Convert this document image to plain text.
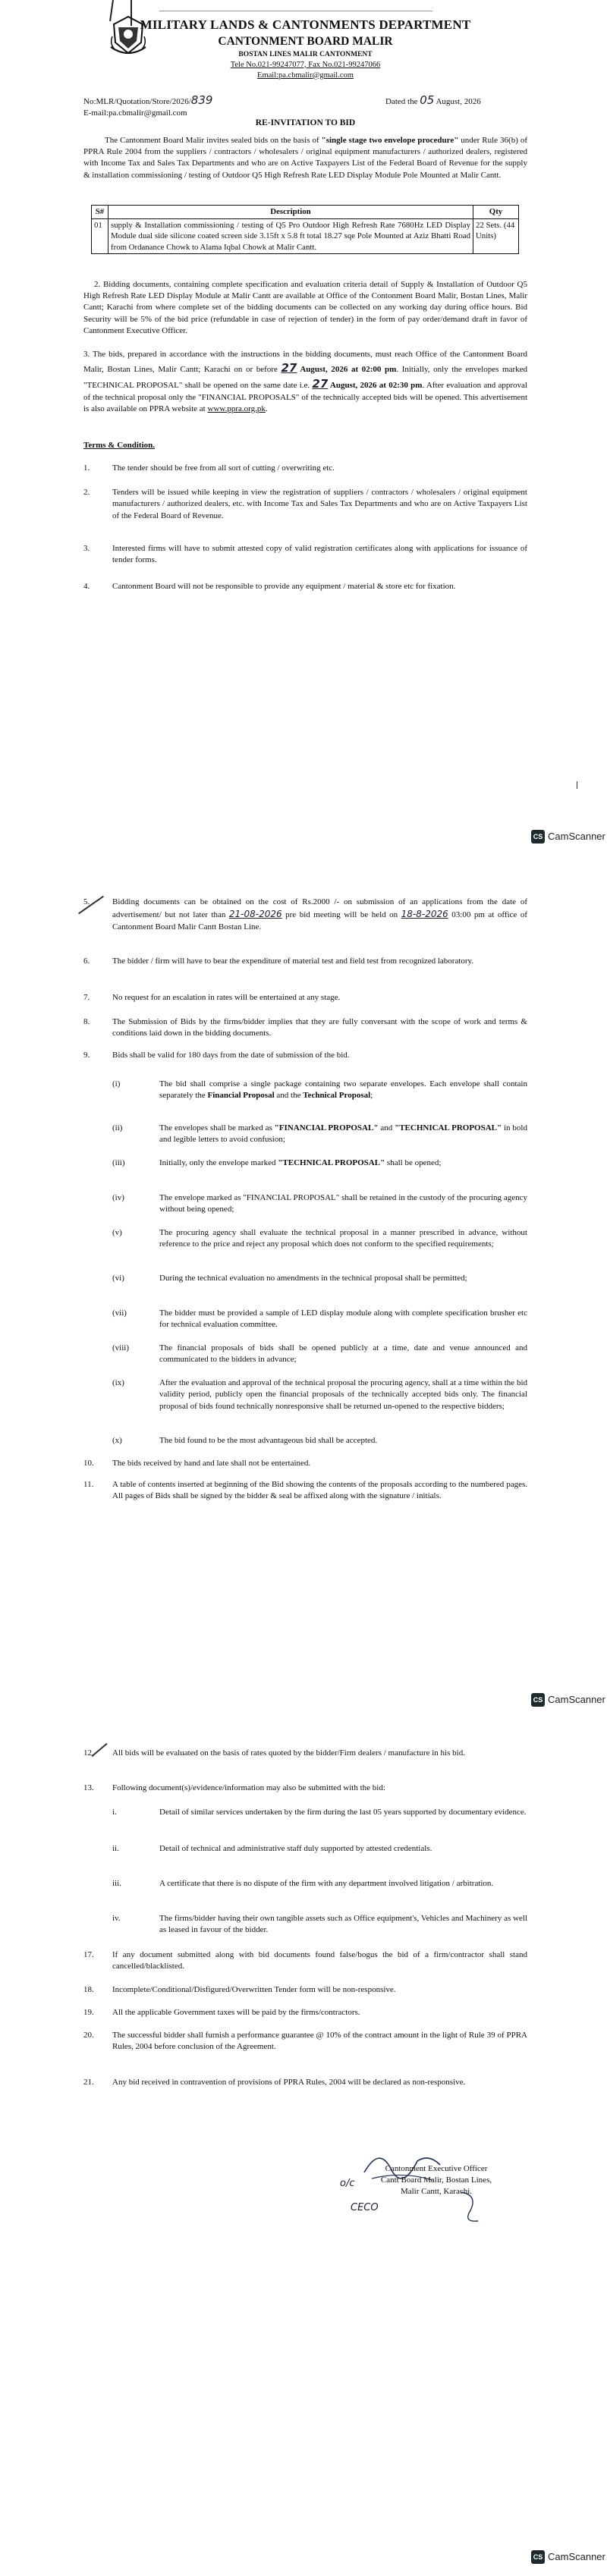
MILITARY LANDS & CANTONMENTS DEPARTMENT
CANTONMENT BOARD MALIR
BOSTAN LINES MALIR CANTONMENT
Tele No.021-99247077, Fax No.021-99247066
Email:pa.cbmalir@gmail.com
No:MLR/Quotation/Store/2026/839	Dated the 05 August, 2026
E-mail:pa.cbmalir@gmail.com
RE-INVITATION TO BID
The Cantonment Board Malir invites sealed bids on the basis of "single stage two envelope procedure" under Rule 36(b) of PPRA Rule 2004 from the suppliers / contractors / wholesalers / original equipment manufacturers / authorized dealers, registered with Income Tax and Sales Tax Departments and who are on Active Taxpayers List of the Federal Board of Revenue for the supply & installation commissioning / testing of Outdoor Q5 High Refresh Rate LED Display Module Pole Mounted at Malir Cantt.
S#	Description	Qty
01	supply & Installation commissioning / testing of Q5 Pro Outdoor High Refresh Rate 7680Hz LED Display Module dual side silicone coated screen side 3.15ft x 5.8 ft total 18.27 sqe Pole Mounted at Aziz Bhatti Road from Ordanance Chowk to Alama Iqbal Chowk at Malir Cantt.	22 Sets. (44 Units)
2. Bidding documents, containing complete specification and evaluation criteria detail of Supply & Installation of Outdoor Q5 High Refresh Rate LED Display Module at Malir Cantt are available at Office of the Contonment Board Malir, Bostan Lines, Malir Cantt; Karachi from where complete set of the bidding documents can be collected on any working day during office hours. Bid Security will be 5% of the bid price (refundable in case of rejection of tender) in the form of pay order/demand draft in favor of Cantonment Executive Officer.
3. The bids, prepared in accordance with the instructions in the bidding documents, must reach Office of the Cantonment Board Malir, Bostan Lines, Malir Cantt; Karachi on or before 27 August, 2026 at 02:00 pm. Initially, only the envelopes marked "TECHNICAL PROPOSAL" shall be opened on the same date i.e. 27 August, 2026 at 02:30 pm. After evaluation and approval of the technical proposal only the "FINANCIAL PROPOSALS" of the technically accepted bids will be opened. This advertisement is also available on PPRA website at www.ppra.org.pk.
Terms & Condition.
1.	The tender should be free from all sort of cutting / overwriting etc.
2.	Tenders will be issued while keeping in view the registration of suppliers / contractors / wholesalers / original equipment manufacturers / authorized dealers, etc. with Income Tax and Sales Tax Departments and who are on Active Taxpayers List of the Federal Board of Revenue.
3.	Interested firms will have to submit attested copy of valid registration certificates along with applications for issuance of tender forms.
4.	Cantonment Board will not be responsible to provide any equipment / material & store etc for fixation.
CS CamScanner
5.	Bidding documents can be obtained on the cost of Rs.2000 /- on submission of an applications from the date of advertisement/ but not later than 21-08-2026 pre bid meeting will be held on 18-8-2026 03:00 pm at office of Cantonment Board Malir Cantt Bostan Line.
6.	The bidder / firm will have to bear the expenditure of material test and field test from recognized laboratory.
7.	No request for an escalation in rates will be entertained at any stage.
8.	The Submission of Bids by the firms/bidder implies that they are fully conversant with the scope of work and terms & conditions laid down in the bidding documents.
9.	Bids shall be valid for 180 days from the date of submission of the bid.
(i)	The bid shall comprise a single package containing two separate envelopes. Each envelope shall contain separately the Financial Proposal and the Technical Proposal;
(ii)	The envelopes shall be marked as "FINANCIAL PROPOSAL" and "TECHNICAL PROPOSAL" in bold and legible letters to avoid confusion;
(iii)	Initially, only the envelope marked "TECHNICAL PROPOSAL" shall be opened;
(iv)	The envelope marked as "FINANCIAL PROPOSAL" shall be retained in the custody of the procuring agency without being opened;
(v)	The procuring agency shall evaluate the technical proposal in a manner prescribed in advance, without reference to the price and reject any proposal which does not conform to the specified requirements;
(vi)	During the technical evaluation no amendments in the technical proposal shall be permitted;
(vii)	The bidder must be provided a sample of LED display module along with complete specification brusher etc for technical evaluation committee.
(viii)	The financial proposals of bids shall be opened publicly at a time, date and venue announced and communicated to the bidders in advance;
(ix)	After the evaluation and approval of the technical proposal the procuring agency, shall at a time within the bid validity period, publicly open the financial proposals of the technically accepted bids only. The financial proposal of bids found technically nonresponsive shall be returned un-opened to the respective bidders;
(x)	The bid found to be the most advantageous bid shall be accepted.
10. The bids received by hand and late shall not be entertained.
11. A table of contents inserted at beginning of the Bid showing the contents of the proposals according to the numbered pages. All pages of Bids shall be signed by the bidder & seal be affixed along with the signature / initials.
CS CamScanner
12. All bids will be evaluated on the basis of rates quoted by the bidder/Firm dealers / manufacture in his bid.
13. Following document(s)/evidence/information may also be submitted with the bid:
i.	Detail of similar services undertaken by the firm during the last 05 years supported by documentary evidence.
ii.	Detail of technical and administrative staff duly supported by attested credentials.
iii.	A certificate that there is no dispute of the firm with any department involved litigation / arbitration.
iv.	The firms/bidder having their own tangible assets such as Office equipment's, Vehicles and Machinery as well as leased in favour of the bidder.
17. If any document submitted along with bid documents found false/bogus the bid of a firm/contractor shall stand cancelled/blacklisted.
18. Incomplete/Conditional/Disfigured/Overwritten Tender form will be non-responsive.
19. All the applicable Government taxes will be paid by the firms/contractors.
20. The successful bidder shall furnish a performance guarantee @ 10% of the contract amount in the light of Rule 39 of PPRA Rules, 2004 before conclusion of the Agreement.
21. Any bid received in contravention of provisions of PPRA Rules, 2004 will be declared as non-responsive.
Cantonment Executive Officer
Cantt Board Malir, Bostan Lines,
Malir Cantt, Karachi.
o/c
CECO
CS CamScanner
